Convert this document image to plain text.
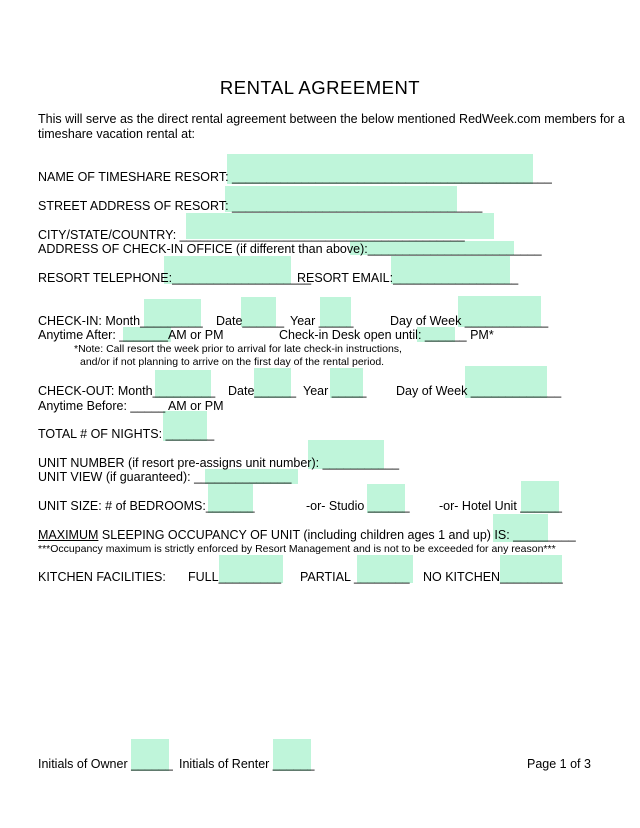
RENTAL AGREEMENT
This will serve as the direct rental agreement between the below mentioned RedWeek.com members for a
timeshare vacation rental at:
NAME OF TIMESHARE RESORT: ______________________________________________
STREET ADDRESS OF RESORT: ____________________________________
CITY/STATE/COUNTRY: _________________________________________
ADDRESS OF CHECK-IN OFFICE (if different than above):_________________________
RESORT TELEPHONE:____________________
RESORT EMAIL:__________________
CHECK-IN: Month_________ Date______ Year _____	Day of Week ____________
Anytime After: _______AM or PM	Check-in Desk open until: ______ PM*
*Note: Call resort the week prior to arrival for late check-in instructions,
and/or if not planning to arrive on the first day of the rental period.
CHECK-OUT: Month_________ Date______ Year _____ Day of Week _____________
Anytime Before: _____ AM or PM
TOTAL # OF NIGHTS: _______
UNIT NUMBER (if resort pre-assigns unit number): ___________
UNIT VIEW (if guaranteed): ______________
UNIT SIZE: # of BEDROOMS:_______	-or- Studio ______ -or- Hotel Unit ______
MAXIMUM SLEEPING OCCUPANCY OF UNIT (including children ages 1 and up) IS: _________
***Occupancy maximum is strictly enforced by Resort Management and is not to be exceeded for any reason***
KITCHEN FACILITIES: FULL_________ PARTIAL ________ NO KITCHEN_________
Initials of Owner ______ Initials of Renter ______	Page 1 of 3
